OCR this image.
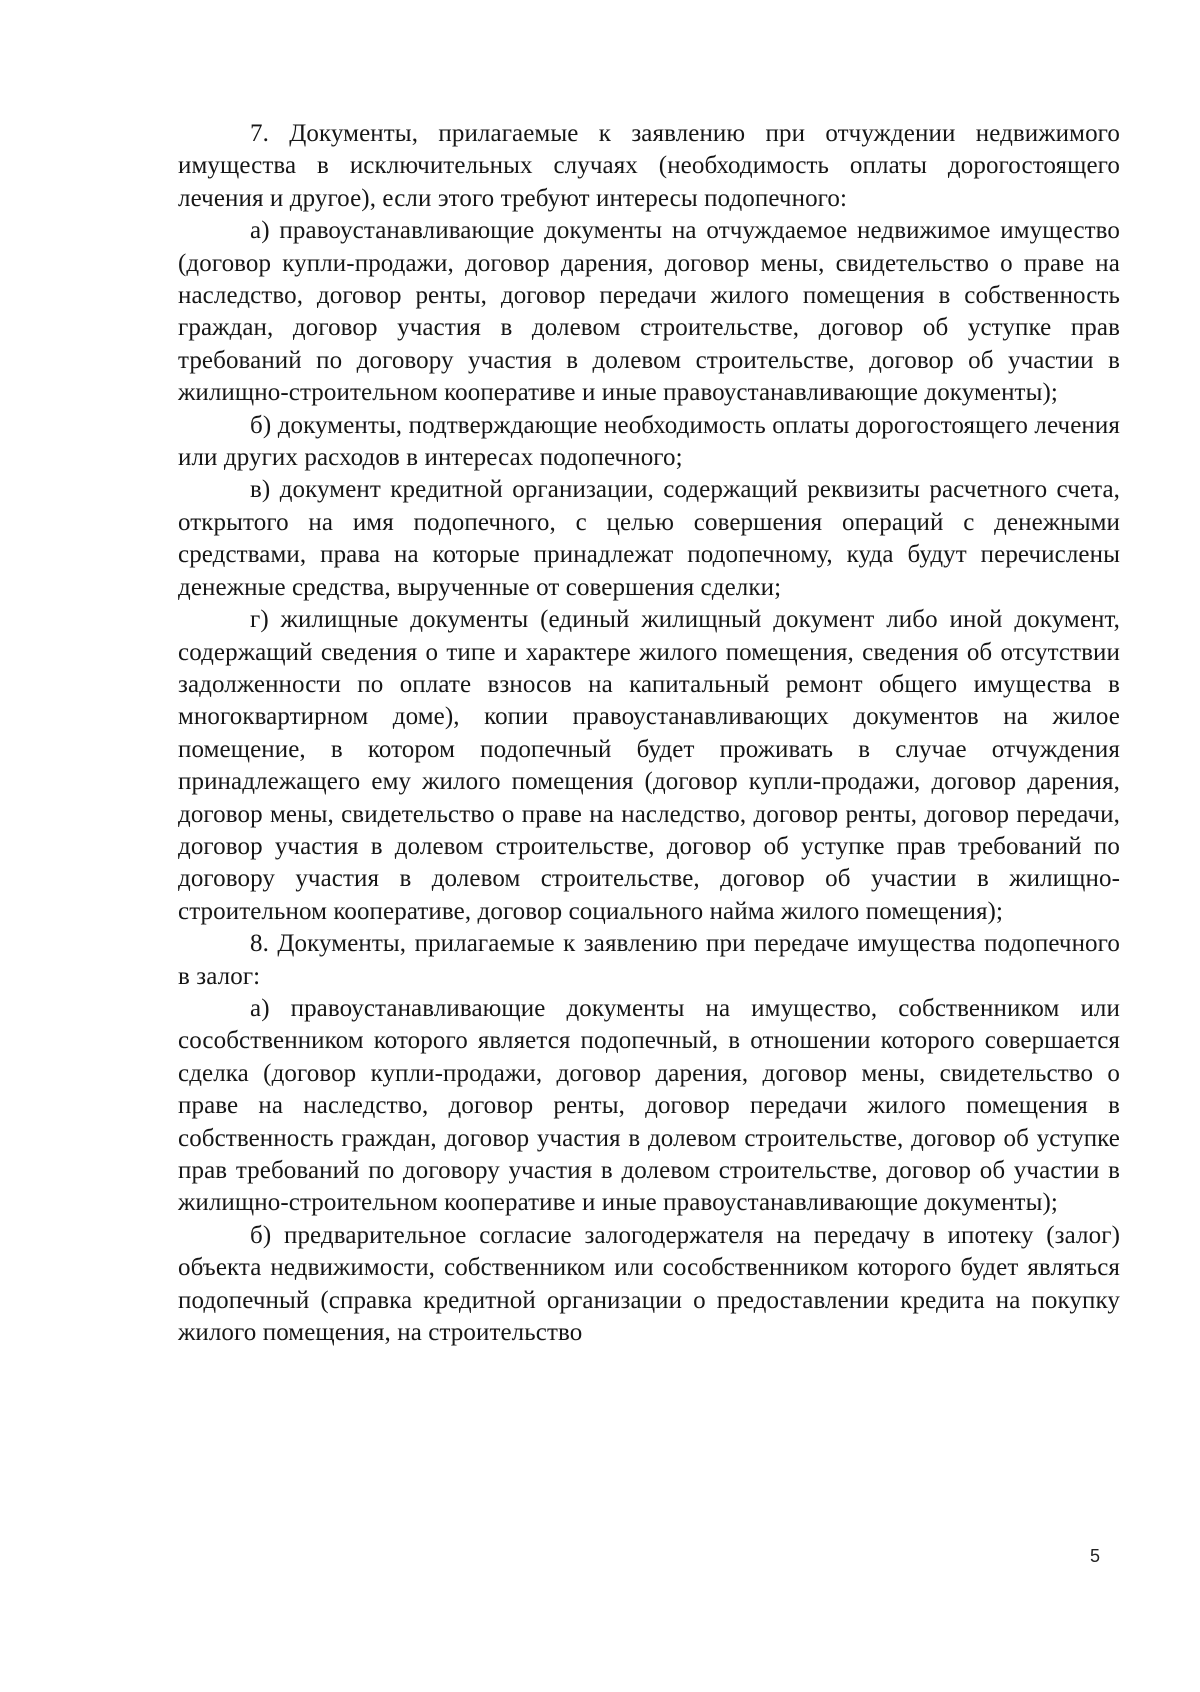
7. Документы, прилагаемые к заявлению при отчуждении недвижимого имущества в исключительных случаях (необходимость оплаты дорогостоящего лечения и другое), если этого требуют интересы подопечного:

а) правоустанавливающие документы на отчуждаемое недвижимое имущество (договор купли-продажи, договор дарения, договор мены, свидетельство о праве на наследство, договор ренты, договор передачи жилого помещения в собственность граждан, договор участия в долевом строительстве, договор об уступке прав требований по договору участия в долевом строительстве, договор об участии в жилищно-строительном кооперативе и иные правоустанавливающие документы);

б) документы, подтверждающие необходимость оплаты дорогостоящего лечения или других расходов в интересах подопечного;

в) документ кредитной организации, содержащий реквизиты расчетного счета, открытого на имя подопечного, с целью совершения операций с денежными средствами, права на которые принадлежат подопечному, куда будут перечислены денежные средства, вырученные от совершения сделки;

г) жилищные документы (единый жилищный документ либо иной документ, содержащий сведения о типе и характере жилого помещения, сведения об отсутствии задолженности по оплате взносов на капитальный ремонт общего имущества в многоквартирном доме), копии правоустанавливающих документов на жилое помещение, в котором подопечный будет проживать в случае отчуждения принадлежащего ему жилого помещения (договор купли-продажи, договор дарения, договор мены, свидетельство о праве на наследство, договор ренты, договор передачи, договор участия в долевом строительстве, договор об уступке прав требований по договору участия в долевом строительстве, договор об участии в жилищно-строительном кооперативе, договор социального найма жилого помещения);

8. Документы, прилагаемые к заявлению при передаче имущества подопечного в залог:

а) правоустанавливающие документы на имущество, собственником или сособственником которого является подопечный, в отношении которого совершается сделка (договор купли-продажи, договор дарения, договор мены, свидетельство о праве на наследство, договор ренты, договор передачи жилого помещения в собственность граждан, договор участия в долевом строительстве, договор об уступке прав требований по договору участия в долевом строительстве, договор об участии в жилищно-строительном кооперативе и иные правоустанавливающие документы);

б) предварительное согласие залогодержателя на передачу в ипотеку (залог) объекта недвижимости, собственником или сособственником которого будет являться подопечный (справка кредитной организации о предоставлении кредита на покупку жилого помещения, на строительство

5
